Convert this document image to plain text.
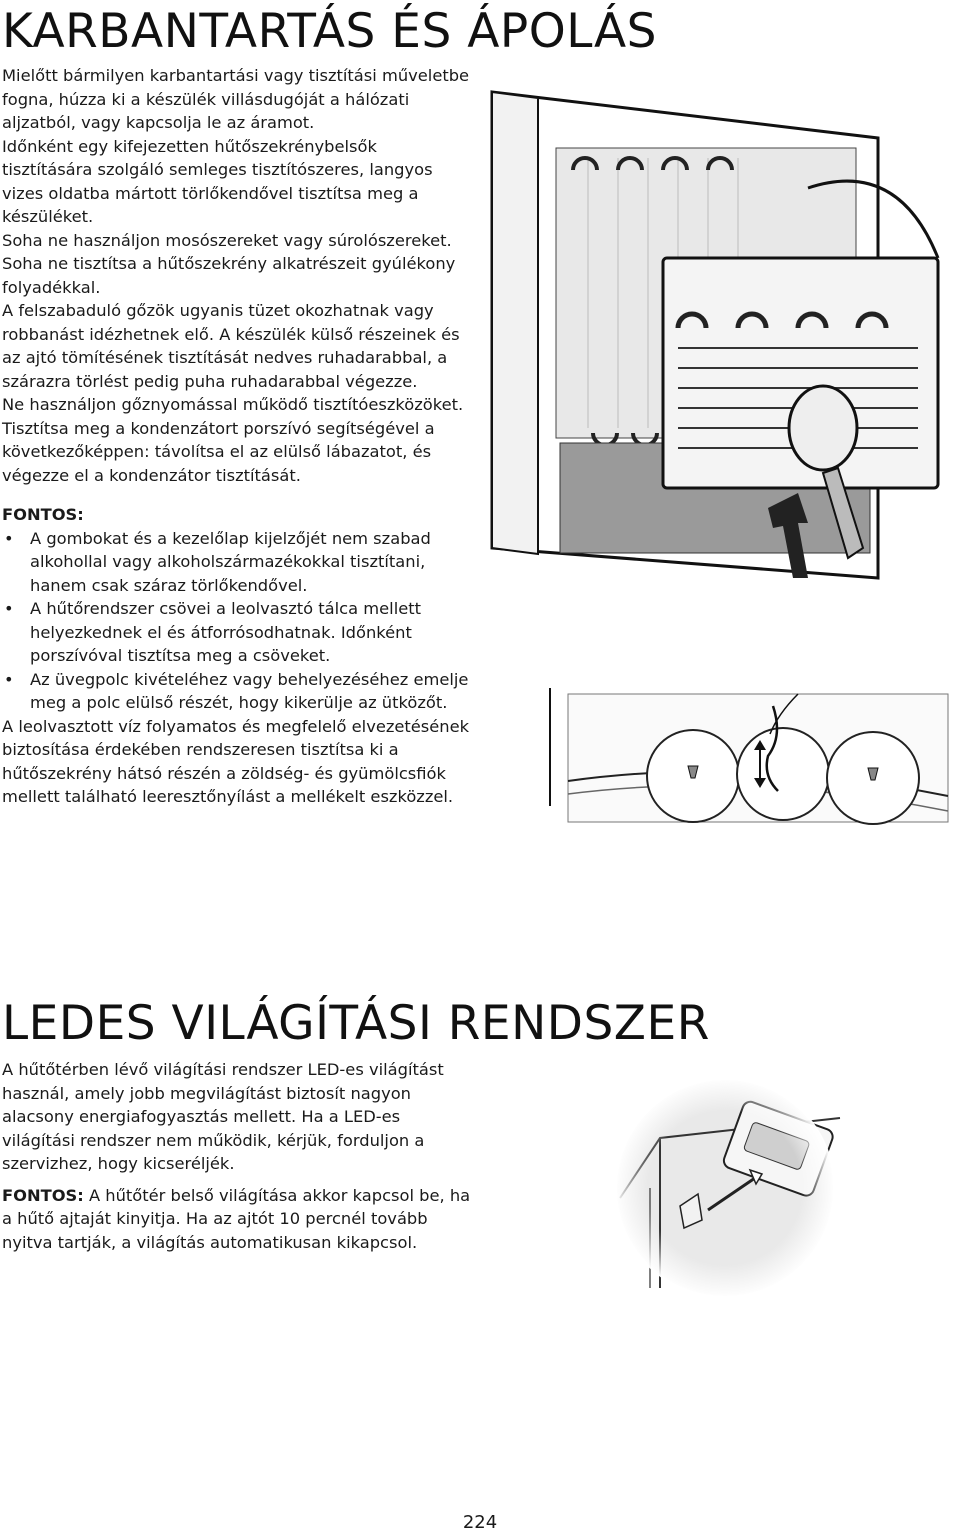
KARBANTARTÁS ÉS ÁPOLÁS

Mielőtt bármilyen karbantartási vagy tisztítási műveletbe fogna, húzza ki a készülék villásdugóját a hálózati aljzatból, vagy kapcsolja le az áramot.

Időnként egy kifejezetten hűtőszekrénybelsők tisztítására szolgáló semleges tisztítószeres, langyos vizes oldatba mártott törlőkendővel tisztítsa meg a készüléket.

Soha ne használjon mosószereket vagy súrolószereket.

Soha ne tisztítsa a hűtőszekrény alkatrészeit gyúlékony folyadékkal.

A felszabaduló gőzök ugyanis tüzet okozhatnak vagy robbanást idézhetnek elő. A készülék külső részeinek és az ajtó tömítésének tisztítását nedves ruhadarabbal, a szárazra törlést pedig puha ruhadarabbal végezze.

Ne használjon gőznyomással működő tisztítóeszközöket.

Tisztítsa meg a kondenzátort porszívó segítségével a következőképpen: távolítsa el az elülső lábazatot, és végezze el a kondenzátor tisztítását.

FONTOS:

• A gombokat és a kezelőlap kijelzőjét nem szabad alkohollal vagy alkoholszármazékokkal tisztítani, hanem csak száraz törlőkendővel.
• A hűtőrendszer csövei a leolvasztó tálca mellett helyezkednek el és átforrósodhatnak. Időnként porszívóval tisztítsa meg a csöveket.
• Az üvegpolc kivételéhez vagy behelyezéséhez emelje meg a polc elülső részét, hogy kikerülje az ütközőt.

A leolvasztott víz folyamatos és megfelelő elvezetésének biztosítása érdekében rendszeresen tisztítsa ki a hűtőszekrény hátsó részén a zöldség- és gyümölcsfiók mellett található leeresztőnyílást a mellékelt eszközzel.

LEDES VILÁGÍTÁSI RENDSZER

A hűtőtérben lévő világítási rendszer LED-es világítást használ, amely jobb megvilágítást biztosít nagyon alacsony energiafogyasztás mellett. Ha a LED-es világítási rendszer nem működik, kérjük, forduljon a szervizhez, hogy kicseréljék.

FONTOS: A hűtőtér belső világítása akkor kapcsol be, ha a hűtő ajtaját kinyitja. Ha az ajtót 10 percnél tovább nyitva tartják, a világítás automatikusan kikapcsol.

224
